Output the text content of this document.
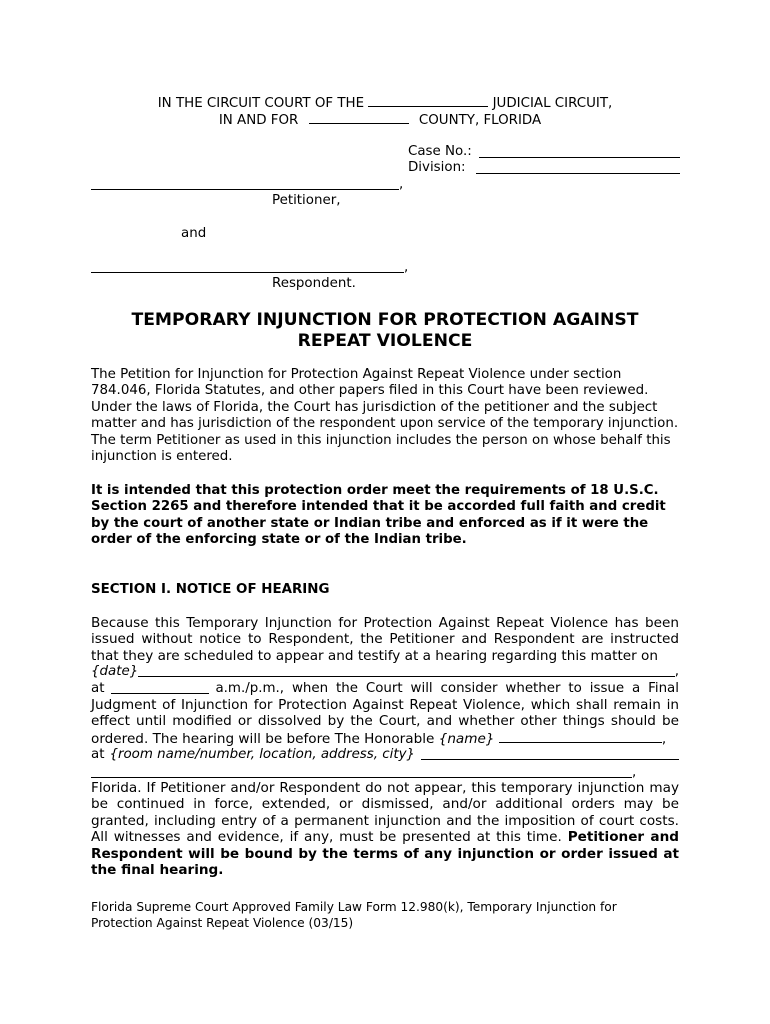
IN THE CIRCUIT COURT OF THE	JUDICIAL CIRCUIT,
IN AND FOR	COUNTY, FLORIDA
Case No.:
Division:
,
Petitioner,
and
,
Respondent.
TEMPORARY INJUNCTION FOR PROTECTION AGAINST
REPEAT VIOLENCE
The Petition for Injunction for Protection Against Repeat Violence under section 784.046, Florida Statutes, and other papers filed in this Court have been reviewed. Under the laws of Florida, the Court has jurisdiction of the petitioner and the subject matter and has jurisdiction of the respondent upon service of the temporary injunction. The term Petitioner as used in this injunction includes the person on whose behalf this injunction is entered.
It is intended that this protection order meet the requirements of 18 U.S.C. Section 2265 and therefore intended that it be accorded full faith and credit by the court of another state or Indian tribe and enforced as if it were the order of the enforcing state or of the Indian tribe.
SECTION I. NOTICE OF HEARING
Because this Temporary Injunction for Protection Against Repeat Violence has been issued without notice to Respondent, the Petitioner and Respondent are instructed that they are scheduled to appear and testify at a hearing regarding this matter on
{date}	,
at	a.m./p.m., when the Court will consider whether to issue a Final
Judgment of Injunction for Protection Against Repeat Violence, which shall remain in effect until modified or dissolved by the Court, and whether other things should be ordered. The hearing will be before The Honorable {name}	,
at {room name/number, location, address, city}
,
Florida. If Petitioner and/or Respondent do not appear, this temporary injunction may be continued in force, extended, or dismissed, and/or additional orders may be granted, including entry of a permanent injunction and the imposition of court costs. All witnesses and evidence, if any, must be presented at this time. Petitioner and Respondent will be bound by the terms of any injunction or order issued at the final hearing.
Florida Supreme Court Approved Family Law Form 12.980(k), Temporary Injunction for
Protection Against Repeat Violence (03/15)
